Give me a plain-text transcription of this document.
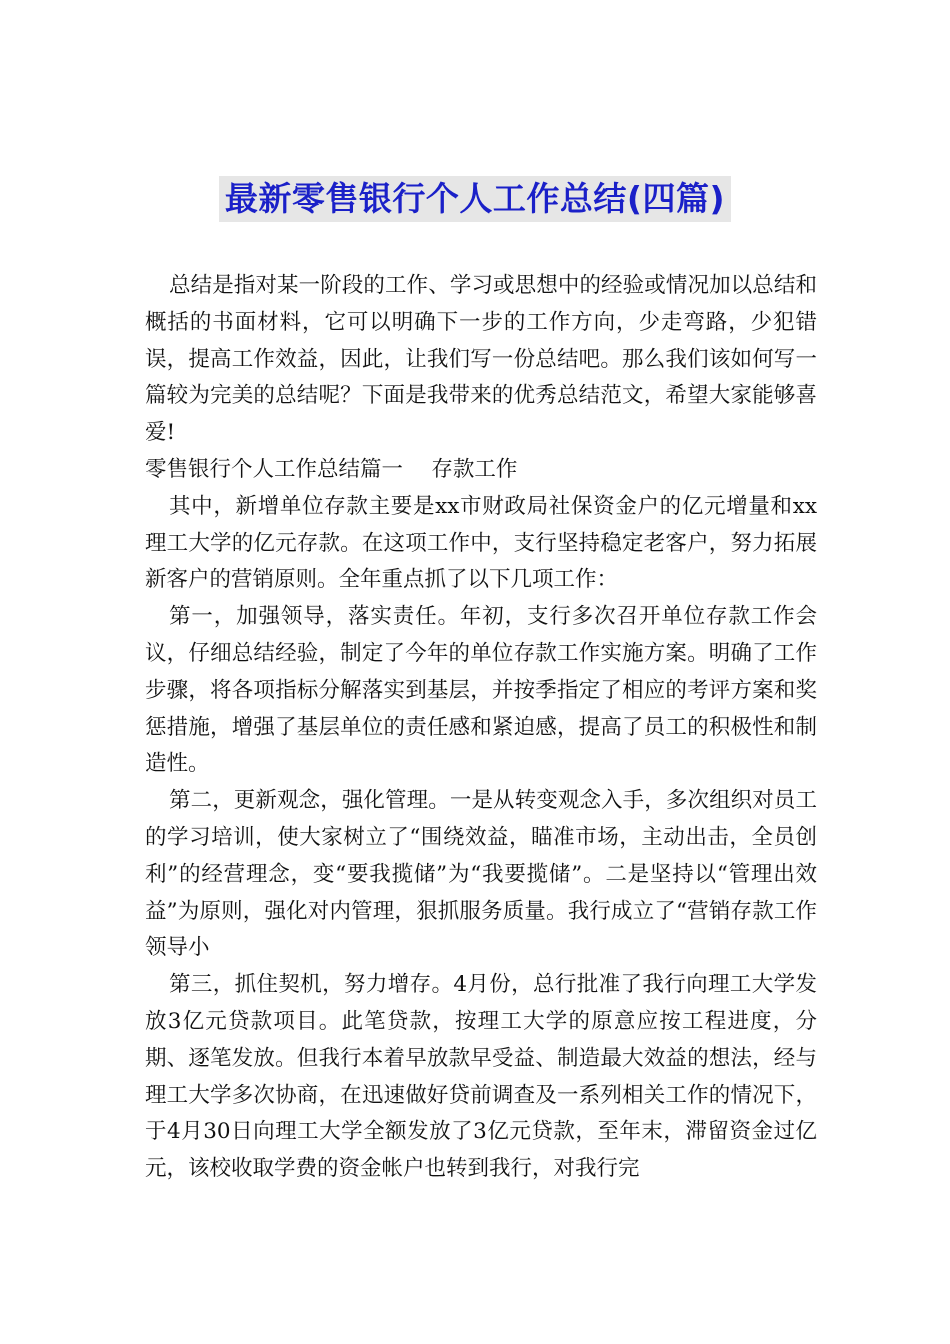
最新零售银行个人工作总结(四篇)

总结是指对某一阶段的工作、学习或思想中的经验或情况加以总结和概括的书面材料，它可以明确下一步的工作方向，少走弯路，少犯错误，提高工作效益，因此，让我们写一份总结吧。那么我们该如何写一篇较为完美的总结呢？下面是我带来的优秀总结范文，希望大家能够喜爱!

零售银行个人工作总结篇一　 存款工作

其中，新增单位存款主要是xx市财政局社保资金户的亿元增量和xx理工大学的亿元存款。在这项工作中，支行坚持稳定老客户，努力拓展新客户的营销原则。全年重点抓了以下几项工作：

第一，加强领导，落实责任。年初，支行多次召开单位存款工作会议，仔细总结经验，制定了今年的单位存款工作实施方案。明确了工作步骤，将各项指标分解落实到基层，并按季指定了相应的考评方案和奖惩措施，增强了基层单位的责任感和紧迫感，提高了员工的积极性和制造性。

第二，更新观念，强化管理。一是从转变观念入手，多次组织对员工的学习培训，使大家树立了“围绕效益，瞄准市场，主动出击，全员创利”的经营理念，变“要我揽储”为“我要揽储”。二是坚持以“管理出效益”为原则，强化对内管理，狠抓服务质量。我行成立了“营销存款工作领导小

第三，抓住契机，努力增存。4月份，总行批准了我行向理工大学发放3亿元贷款项目。此笔贷款，按理工大学的原意应按工程进度，分期、逐笔发放。但我行本着早放款早受益、制造最大效益的想法，经与理工大学多次协商，在迅速做好贷前调查及一系列相关工作的情况下，于4月30日向理工大学全额发放了3亿元贷款，至年末，滞留资金过亿元，该校收取学费的资金帐户也转到我行，对我行完
